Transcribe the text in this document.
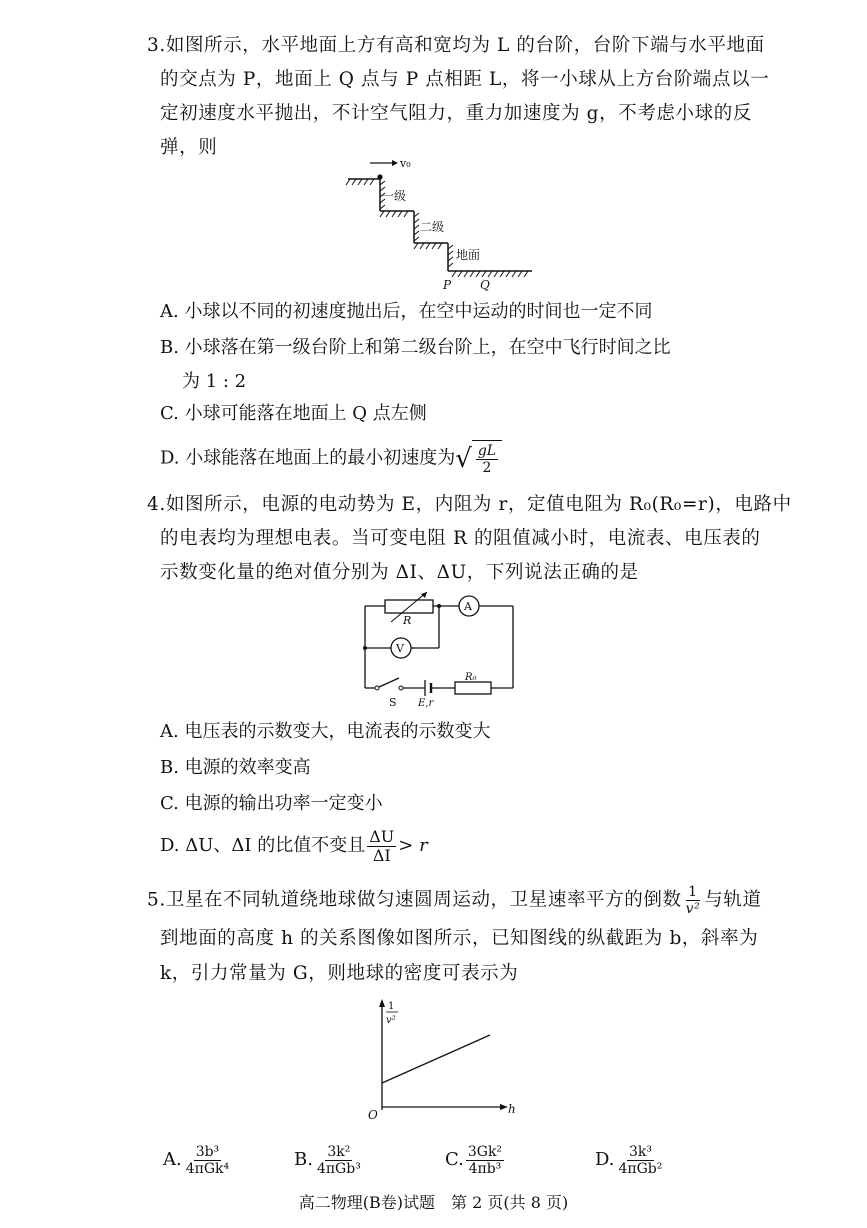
3.如图所示，水平地面上方有高和宽均为 L 的台阶，台阶下端与水平地面
的交点为 P，地面上 Q 点与 P 点相距 L，将一小球从上方台阶端点以一
定初速度水平抛出，不计空气阻力，重力加速度为 g，不考虑小球的反
弹，则
v₀
一级
二级
地面
P Q
A. 小球以不同的初速度抛出后，在空中运动的时间也一定不同
B. 小球落在第一级台阶上和第二级台阶上，在空中飞行时间之比
为 1 : 2
C. 小球可能落在地面上 Q 点左侧
D. 小球能落在地面上的最小初速度为 √ $\frac{gL}{2}$
4.如图所示，电源的电动势为 E，内阻为 r，定值电阻为 R₀(R₀=r)，电路中
的电表均为理想电表。当可变电阻 R 的阻值减小时，电流表、电压表的
示数变化量的绝对值分别为 ΔI、ΔU，下列说法正确的是
R
A
V
S E,r
R₀
A. 电压表的示数变大，电流表的示数变大
B. 电源的效率变高
C. 电源的输出功率一定变小
D. ΔU、ΔI 的比值不变且 $\frac{\Delta U}{\Delta I} > r$
5.卫星在不同轨道绕地球做匀速圆周运动，卫星速率平方的倒数 $\frac{1}{\text{v²}}$ 与轨道
到地面的高度 h 的关系图像如图所示，已知图线的纵截距为 b，斜率为
k，引力常量为 G，则地球的密度可表示为
1
v²
O	h
A. $\frac{\text{3b³}}{\text{4πGk⁴}}$	B. $\frac{\text{3k²}}{\text{4πGb³}}$	C. $\frac{\text{3Gk²}}{\text{4πb³}}$	D. $\frac{\text{3k³}}{\text{4πGb²}}$
高二物理(B卷)试题　第 2 页(共 8 页)
